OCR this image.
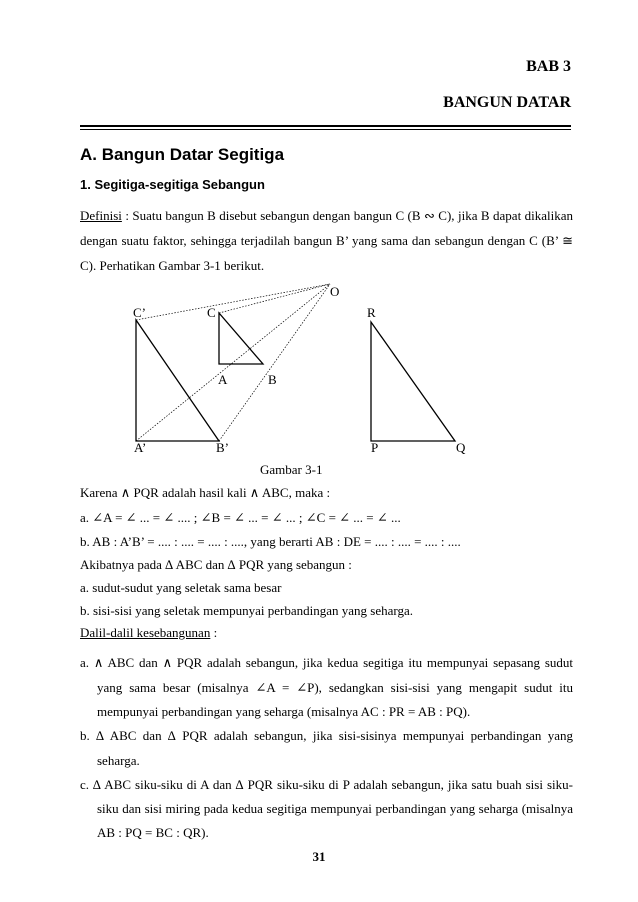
BAB 3
BANGUN DATAR
A. Bangun Datar Segitiga
1. Segitiga-segitiga Sebangun
Definisi : Suatu bangun B disebut sebangun dengan bangun C (B ∾ C), jika B dapat dikalikan
dengan suatu faktor, sehingga terjadilah bangun B’ yang sama dan sebangun dengan C (B’ ≅
C). Perhatikan Gambar 3-1 berikut.
O
C’	C	R
A	B
A’	B’	P	Q
Gambar 3-1
Karena ∧ PQR adalah hasil kali ∧ ABC, maka :
a. ∠A = ∠ ... = ∠ .... ; ∠B = ∠ ... = ∠ ... ; ∠C = ∠ ... = ∠ ...
b. AB : A’B’ = .... : .... = .... : ...., yang berarti AB : DE = .... : .... = .... : ....
Akibatnya pada ∆ ABC dan ∆ PQR yang sebangun :
a. sudut-sudut yang seletak sama besar
b. sisi-sisi yang seletak mempunyai perbandingan yang seharga.
Dalil-dalil kesebangunan :
a. ∧ ABC dan ∧ PQR adalah sebangun, jika kedua segitiga itu mempunyai sepasang sudut
yang sama besar (misalnya ∠A = ∠P), sedangkan sisi-sisi yang mengapit sudut itu
mempunyai perbandingan yang seharga (misalnya AC : PR = AB : PQ).
b. ∆ ABC dan ∆ PQR adalah sebangun, jika sisi-sisinya mempunyai perbandingan yang
seharga.
c. ∆ ABC siku-siku di A dan ∆ PQR siku-siku di P adalah sebangun, jika satu buah sisi siku-
siku dan sisi miring pada kedua segitiga mempunyai perbandingan yang seharga (misalnya
AB : PQ = BC : QR).
31
